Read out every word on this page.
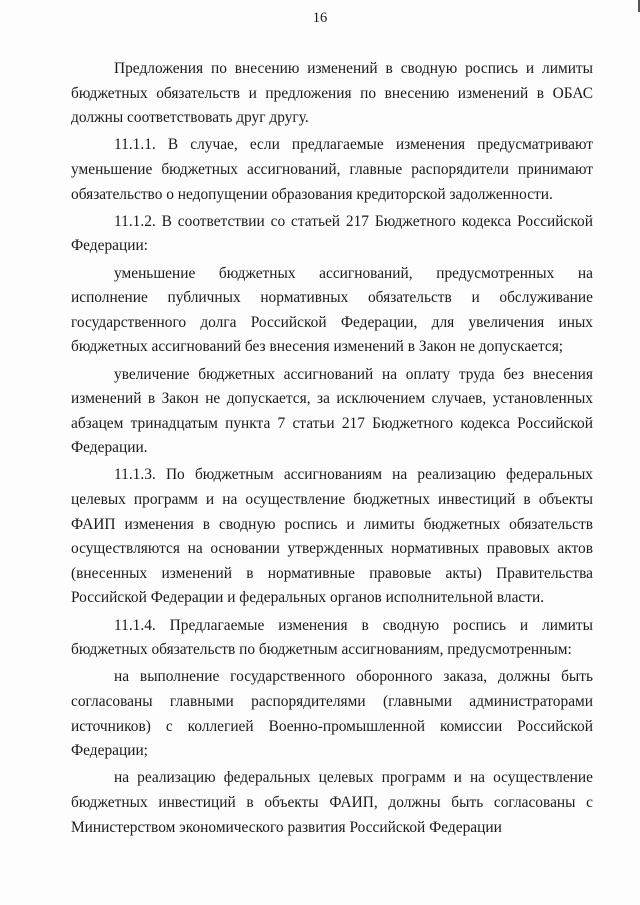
16

Предложения по внесению изменений в сводную роспись и лимиты бюджетных обязательств и предложения по внесению изменений в ОБАС должны соответствовать друг другу.

11.1.1. В случае, если предлагаемые изменения предусматривают уменьшение бюджетных ассигнований, главные распорядители принимают обязательство о недопущении образования кредиторской задолженности.

11.1.2. В соответствии со статьей 217 Бюджетного кодекса Российской Федерации:

уменьшение бюджетных ассигнований, предусмотренных на исполнение публичных нормативных обязательств и обслуживание государственного долга Российской Федерации, для увеличения иных бюджетных ассигнований без внесения изменений в Закон не допускается;

увеличение бюджетных ассигнований на оплату труда без внесения изменений в Закон не допускается, за исключением случаев, установленных абзацем тринадцатым пункта 7 статьи 217 Бюджетного кодекса Российской Федерации.

11.1.3. По бюджетным ассигнованиям на реализацию федеральных целевых программ и на осуществление бюджетных инвестиций в объекты ФАИП изменения в сводную роспись и лимиты бюджетных обязательств осуществляются на основании утвержденных нормативных правовых актов (внесенных изменений в нормативные правовые акты) Правительства Российской Федерации и федеральных органов исполнительной власти.

11.1.4. Предлагаемые изменения в сводную роспись и лимиты бюджетных обязательств по бюджетным ассигнованиям, предусмотренным:

на выполнение государственного оборонного заказа, должны быть согласованы главными распорядителями (главными администраторами источников) с коллегией Военно-промышленной комиссии Российской Федерации;

на реализацию федеральных целевых программ и на осуществление бюджетных инвестиций в объекты ФАИП, должны быть согласованы с Министерством экономического развития Российской Федерации
